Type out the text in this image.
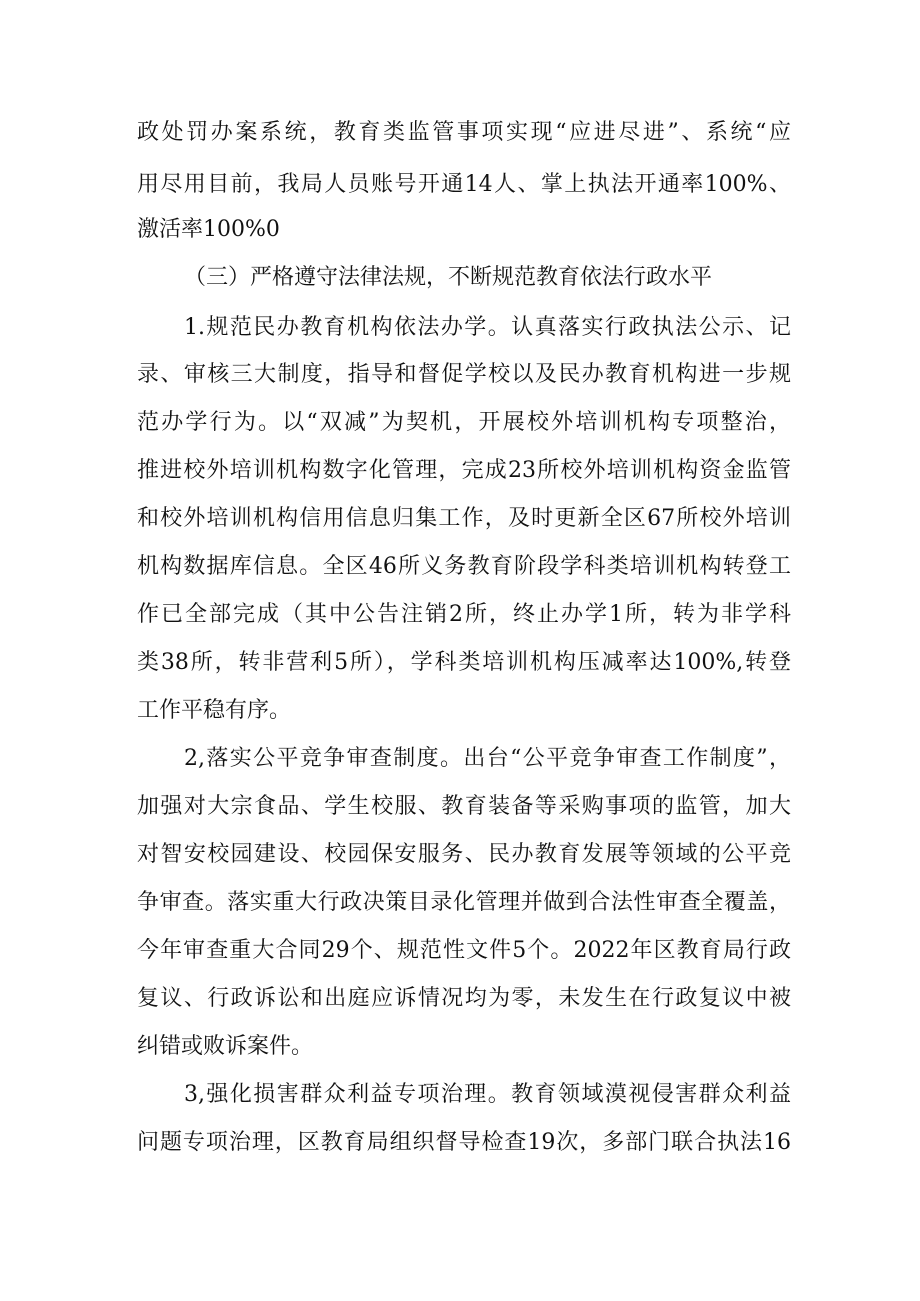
政处罚办案系统，教育类监管事项实现“应进尽进”、系统“应
用尽用目前，我局人员账号开通14人、掌上执法开通率100%、
激活率100%0
（三）严格遵守法律法规，不断规范教育依法行政水平
1.规范民办教育机构依法办学。认真落实行政执法公示、记
录、审核三大制度，指导和督促学校以及民办教育机构进一步规
范办学行为。以“双减”为契机，开展校外培训机构专项整治，
推进校外培训机构数字化管理，完成23所校外培训机构资金监管
和校外培训机构信用信息归集工作，及时更新全区67所校外培训
机构数据库信息。全区46所义务教育阶段学科类培训机构转登工
作已全部完成（其中公告注销2所，终止办学1所，转为非学科
类38所，转非营利5所），学科类培训机构压减率达100%,转登
工作平稳有序。
2,落实公平竞争审查制度。出台“公平竞争审查工作制度”，
加强对大宗食品、学生校服、教育装备等采购事项的监管，加大
对智安校园建设、校园保安服务、民办教育发展等领域的公平竞
争审查。落实重大行政决策目录化管理并做到合法性审查全覆盖，
今年审查重大合同29个、规范性文件5个。2022年区教育局行政
复议、行政诉讼和出庭应诉情况均为零，未发生在行政复议中被
纠错或败诉案件。
3,强化损害群众利益专项治理。教育领域漠视侵害群众利益
问题专项治理，区教育局组织督导检查19次，多部门联合执法16
